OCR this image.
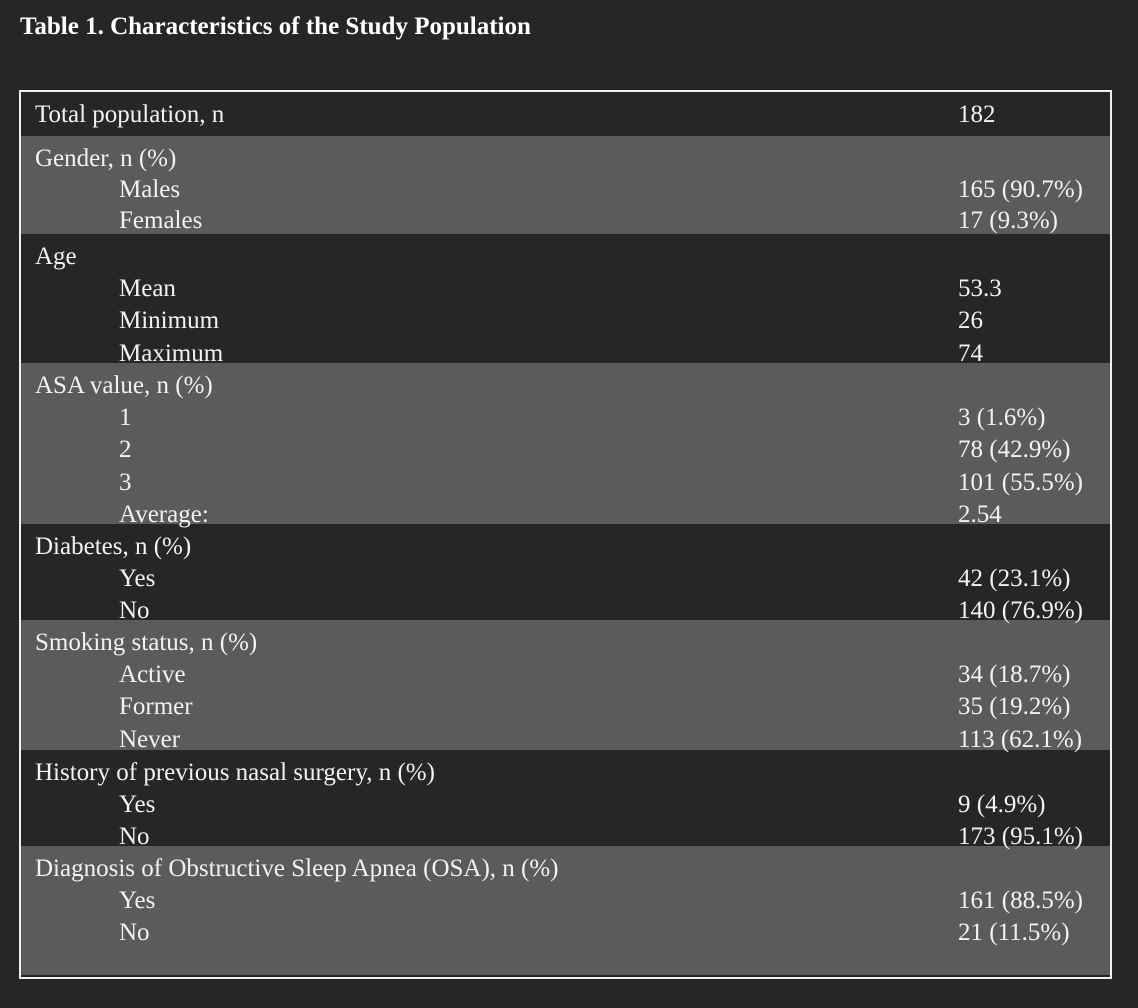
Table 1. Characteristics of the Study Population
Total population, n	182
Gender, n (%)
Males	165 (90.7%)
Females	17 (9.3%)
Age
Mean	53.3
Minimum	26
Maximum	74
ASA value, n (%)
1	3 (1.6%)
2	78 (42.9%)
3	101 (55.5%)
Average:	2.54
Diabetes, n (%)
Yes	42 (23.1%)
No	140 (76.9%)
Smoking status, n (%)
Active	34 (18.7%)
Former	35 (19.2%)
Never	113 (62.1%)
History of previous nasal surgery, n (%)
Yes	9 (4.9%)
No	173 (95.1%)
Diagnosis of Obstructive Sleep Apnea (OSA), n (%)
Yes	161 (88.5%)
No	21 (11.5%)
